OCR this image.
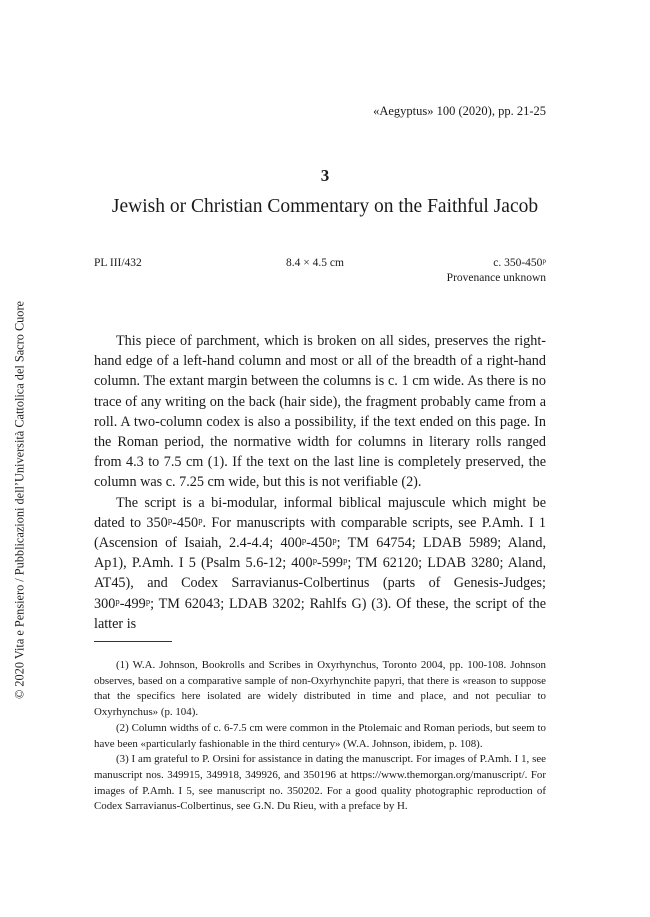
«Aegyptus» 100 (2020), pp. 21-25
3
Jewish or Christian Commentary on the Faithful Jacob
PL III/432	8.4 × 4.5 cm	c. 350-450ᵖ
Provenance unknown

This piece of parchment, which is broken on all sides, preserves the right-hand edge of a left-hand column and most or all of the breadth of a right-hand column. The extant margin between the columns is c. 1 cm wide. As there is no trace of any writing on the back (hair side), the fragment probably came from a roll. A two-column codex is also a possibility, if the text ended on this page. In the Roman period, the normative width for columns in literary rolls ranged from 4.3 to 7.5 cm (1). If the text on the last line is completely preserved, the column was c. 7.25 cm wide, but this is not verifiable (2).

The script is a bi-modular, informal biblical majuscule which might be dated to 350ᵖ-450ᵖ. For manuscripts with comparable scripts, see P.Amh. I 1 (Ascension of Isaiah, 2.4-4.4; 400ᵖ-450ᵖ; TM 64754; LDAB 5989; Aland, Ap1), P.Amh. I 5 (Psalm 5.6-12; 400ᵖ-599ᵖ; TM 62120; LDAB 3280; Aland, AT45), and Codex Sarravianus-Colbertinus (parts of Genesis-Judges; 300ᵖ-499ᵖ; TM 62043; LDAB 3202; Rahlfs G) (3). Of these, the script of the latter is

(1) W.A. Johnson, Bookrolls and Scribes in Oxyrhynchus, Toronto 2004, pp. 100-108. Johnson observes, based on a comparative sample of non-Oxyrhynchite papyri, that there is «reason to suppose that the specifics here isolated are widely distributed in time and place, and not peculiar to Oxyrhynchus» (p. 104).

(2) Column widths of c. 6-7.5 cm were common in the Ptolemaic and Roman periods, but seem to have been «particularly fashionable in the third century» (W.A. Johnson, ibidem, p. 108).

(3) I am grateful to P. Orsini for assistance in dating the manuscript. For images of P.Amh. I 1, see manuscript nos. 349915, 349918, 349926, and 350196 at https://www.themorgan.org/manuscript/. For images of P.Amh. I 5, see manuscript no. 350202. For a good quality photographic reproduction of Codex Sarravianus-Colbertinus, see G.N. Du Rieu, with a preface by H.

© 2020 Vita e Pensiero / Pubblicazioni dell’Università Cattolica del Sacro Cuore
